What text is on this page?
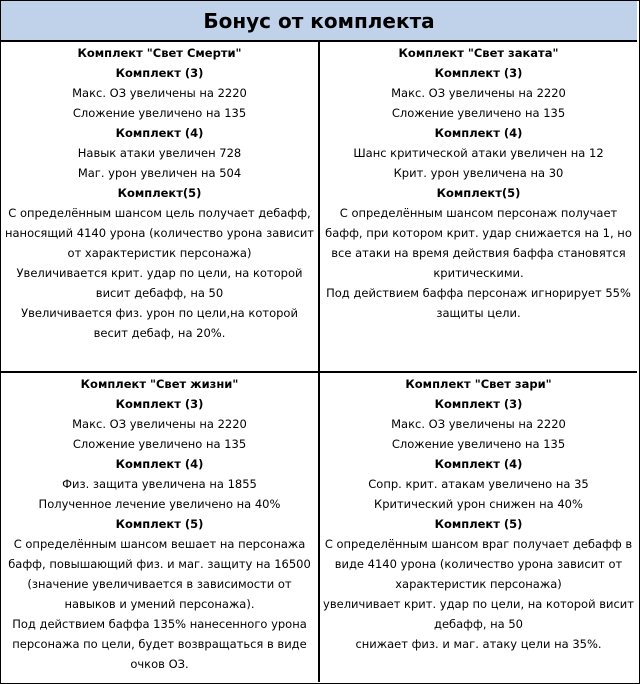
Бонус от комплекта
Комплект "Свет Смерти"
Комплект (3)
Макс. ОЗ увеличены на 2220
Сложение увеличено на 135
Комплект (4)
Навык атаки увеличен 728
Маг. урон увеличен на 504
Комплект(5)
С определённым шансом цель получает дебафф, наносящий 4140 урона (количество урона зависит от характеристик персонажа)
Увеличивается крит. удар по цели, на которой висит дебафф, на 50
Увеличивается физ. урон по цели,на которой весит дебаф, на 20%.
Комплект "Свет заката"
Комплект (3)
Макс. ОЗ увеличены на 2220
Сложение увеличено на 135
Комплект (4)
Шанс критической атаки увеличен на 12
Крит. урон увеличена на 30
Комплект(5)
С определённым шансом персонаж получает бафф, при котором крит. удар снижается на 1, но все атаки на время действия баффа становятся критическими.
Под действием баффа персонаж игнорирует 55% защиты цели.
Комплект "Свет жизни"
Комплект (3)
Макс. ОЗ увеличены на 2220
Сложение увеличено на 135
Комплект (4)
Физ. защита увеличена на 1855
Полученное лечение увеличено на 40%
Комплект (5)
С определённым шансом вешает на персонажа бафф, повышающий физ. и маг. защиту на 16500 (значение увеличивается в зависимости от навыков и умений персонажа).
Под действием баффа 135% нанесенного урона персонажа по цели, будет возвращаться в виде очков ОЗ.
Комплект "Свет зари"
Комплект (3)
Макс. ОЗ увеличены на 2220
Сложение увеличено на 135
Комплект (4)
Сопр. крит. атакам увеличено на 35
Критический урон снижен на 40%
Комплект (5)
С определённым шансом враг получает дебафф в виде 4140 урона (количество урона зависит от характеристик персонажа)
увеличивает крит. удар по цели, на которой висит дебафф, на 50
снижает физ. и маг. атаку цели на 35%.
